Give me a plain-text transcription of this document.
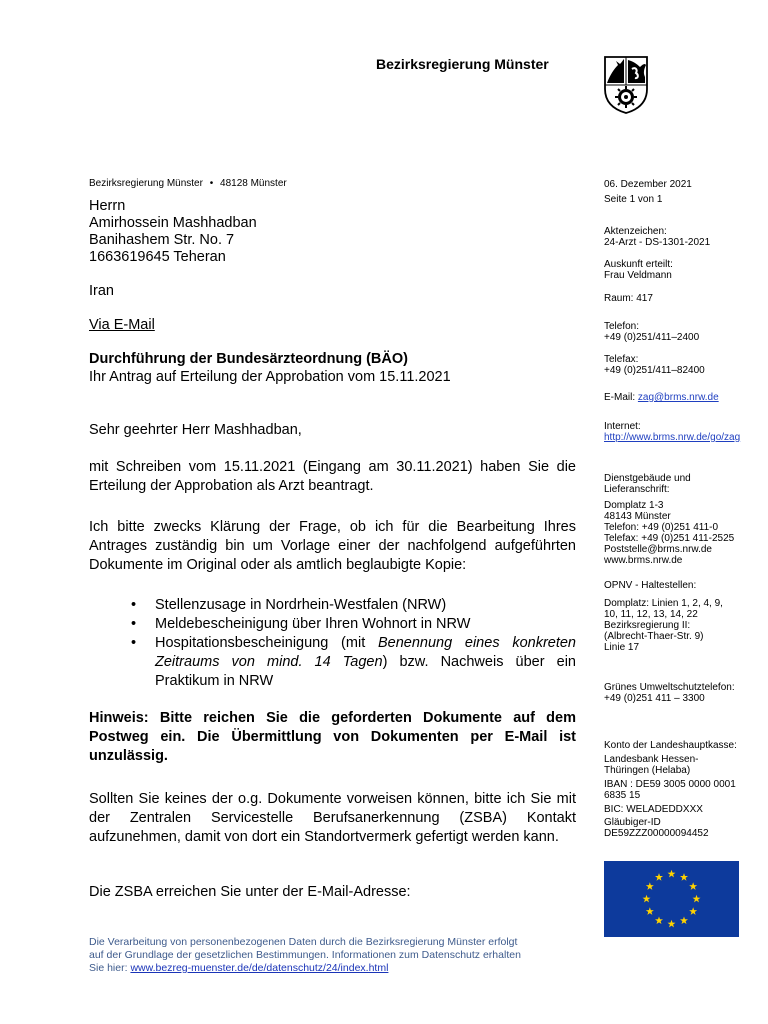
Bezirksregierung Münster
Bezirksregierung Münster • 48128 Münster
Herrn
Amirhossein Mashhadban
Banihashem Str. No. 7
1663619645 Teheran
Iran
Via E-Mail
Durchführung der Bundesärzteordnung (BÄO)
Ihr Antrag auf Erteilung der Approbation vom 15.11.2021
Sehr geehrter Herr Mashhadban,
mit Schreiben vom 15.11.2021 (Eingang am 30.11.2021) haben Sie die Erteilung der Approbation als Arzt beantragt.
Ich bitte zwecks Klärung der Frage, ob ich für die Bearbeitung Ihres Antrages zuständig bin um Vorlage einer der nachfolgend aufgeführten Dokumente im Original oder als amtlich beglaubigte Kopie:
Stellenzusage in Nordrhein-Westfalen (NRW)
Meldebescheinigung über Ihren Wohnort in NRW
Hospitationsbescheinigung (mit Benennung eines konkreten Zeitraums von mind. 14 Tagen) bzw. Nachweis über ein Praktikum in NRW
Hinweis: Bitte reichen Sie die geforderten Dokumente auf dem Postweg ein. Die Übermittlung von Dokumenten per E-Mail ist unzulässig.
Sollten Sie keines der o.g. Dokumente vorweisen können, bitte ich Sie mit der Zentralen Servicestelle Berufsanerkennung (ZSBA) Kontakt aufzunehmen, damit von dort ein Standortvermerk gefertigt werden kann.
Die ZSBA erreichen Sie unter der E-Mail-Adresse:
06. Dezember 2021
Seite 1 von 1
Aktenzeichen:
24-Arzt - DS-1301-2021
Auskunft erteilt:
Frau Veldmann
Raum: 417
Telefon:
+49 (0)251/411–2400
Telefax:
+49 (0)251/411–82400
E-Mail: zag@brms.nrw.de
Internet:
http://www.brms.nrw.de/go/zag
Dienstgebäude und
Lieferanschrift:
Domplatz 1-3
48143 Münster
Telefon: +49 (0)251 411-0
Telefax: +49 (0)251 411-2525
Poststelle@brms.nrw.de
www.brms.nrw.de
OPNV - Haltestellen:
Domplatz: Linien 1, 2, 4, 9,
10, 11, 12, 13, 14, 22
Bezirksregierung II:
(Albrecht-Thaer-Str. 9)
Linie 17
Grünes Umweltschutztelefon:
+49 (0)251 411 – 3300
Konto der Landeshauptkasse:
Landesbank Hessen-
Thüringen (Helaba)
IBAN : DE59 3005 0000 0001
6835 15
BIC: WELADEDDXXX
Gläubiger-ID
DE59ZZZ00000094452
Die Verarbeitung von personenbezogenen Daten durch die Bezirksregierung Münster erfolgt
auf der Grundlage der gesetzlichen Bestimmungen. Informationen zum Datenschutz erhalten
Sie hier: www.bezreg-muenster.de/de/datenschutz/24/index.html
